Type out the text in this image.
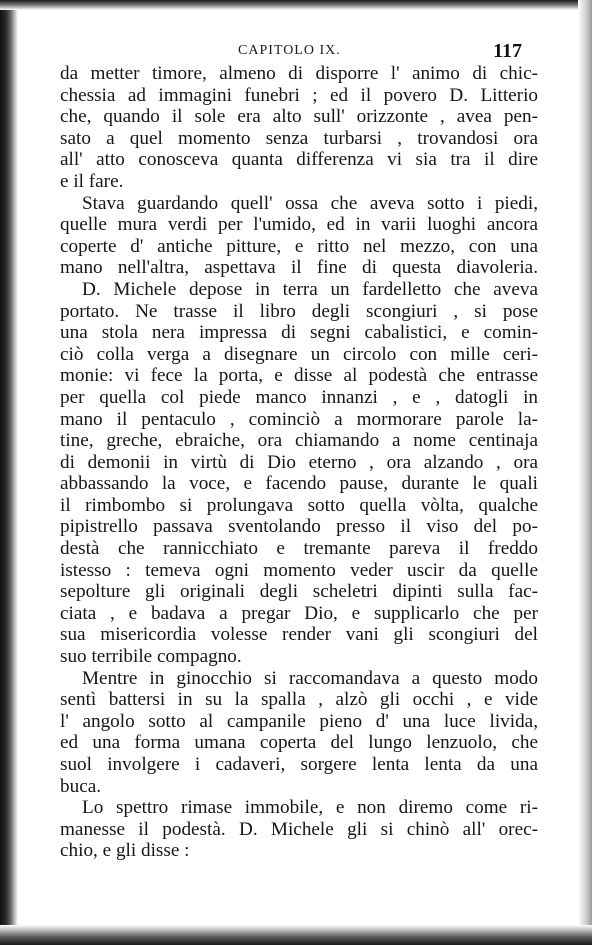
CAPITOLO IX.	117
da metter timore, almeno di disporre l' animo di chic-
chessia ad immagini funebri ; ed il povero D. Litterio
che, quando il sole era alto sull' orizzonte , avea pen-
sato a quel momento senza turbarsi , trovandosi ora
all' atto conosceva quanta differenza vi sia tra il dire
e il fare.
Stava guardando quell' ossa che aveva sotto i piedi,
quelle mura verdi per l'umido, ed in varii luoghi ancora
coperte d' antiche pitture, e ritto nel mezzo, con una
mano nell'altra, aspettava il fine di questa diavoleria.
D. Michele depose in terra un fardelletto che aveva
portato. Ne trasse il libro degli scongiuri , si pose
una stola nera impressa di segni cabalistici, e comin-
ciò colla verga a disegnare un circolo con mille ceri-
monie: vi fece la porta, e disse al podestà che entrasse
per quella col piede manco innanzi , e , datogli in
mano il pentaculo , cominciò a mormorare parole la-
tine, greche, ebraiche, ora chiamando a nome centinaja
di demonii in virtù di Dio eterno , ora alzando , ora
abbassando la voce, e facendo pause, durante le quali
il rimbombo si prolungava sotto quella vòlta, qualche
pipistrello passava sventolando presso il viso del po-
destà che rannicchiato e tremante pareva il freddo
istesso : temeva ogni momento veder uscir da quelle
sepolture gli originali degli scheletri dipinti sulla fac-
ciata , e badava a pregar Dio, e supplicarlo che per
sua misericordia volesse render vani gli scongiuri del
suo terribile compagno.
Mentre in ginocchio si raccomandava a questo modo
sentì battersi in su la spalla , alzò gli occhi , e vide
l' angolo sotto al campanile pieno d' una luce livida,
ed una forma umana coperta del lungo lenzuolo, che
suol involgere i cadaveri, sorgere lenta lenta da una
buca.
Lo spettro rimase immobile, e non diremo come ri-
manesse il podestà. D. Michele gli si chinò all' orec-
chio, e gli disse :
